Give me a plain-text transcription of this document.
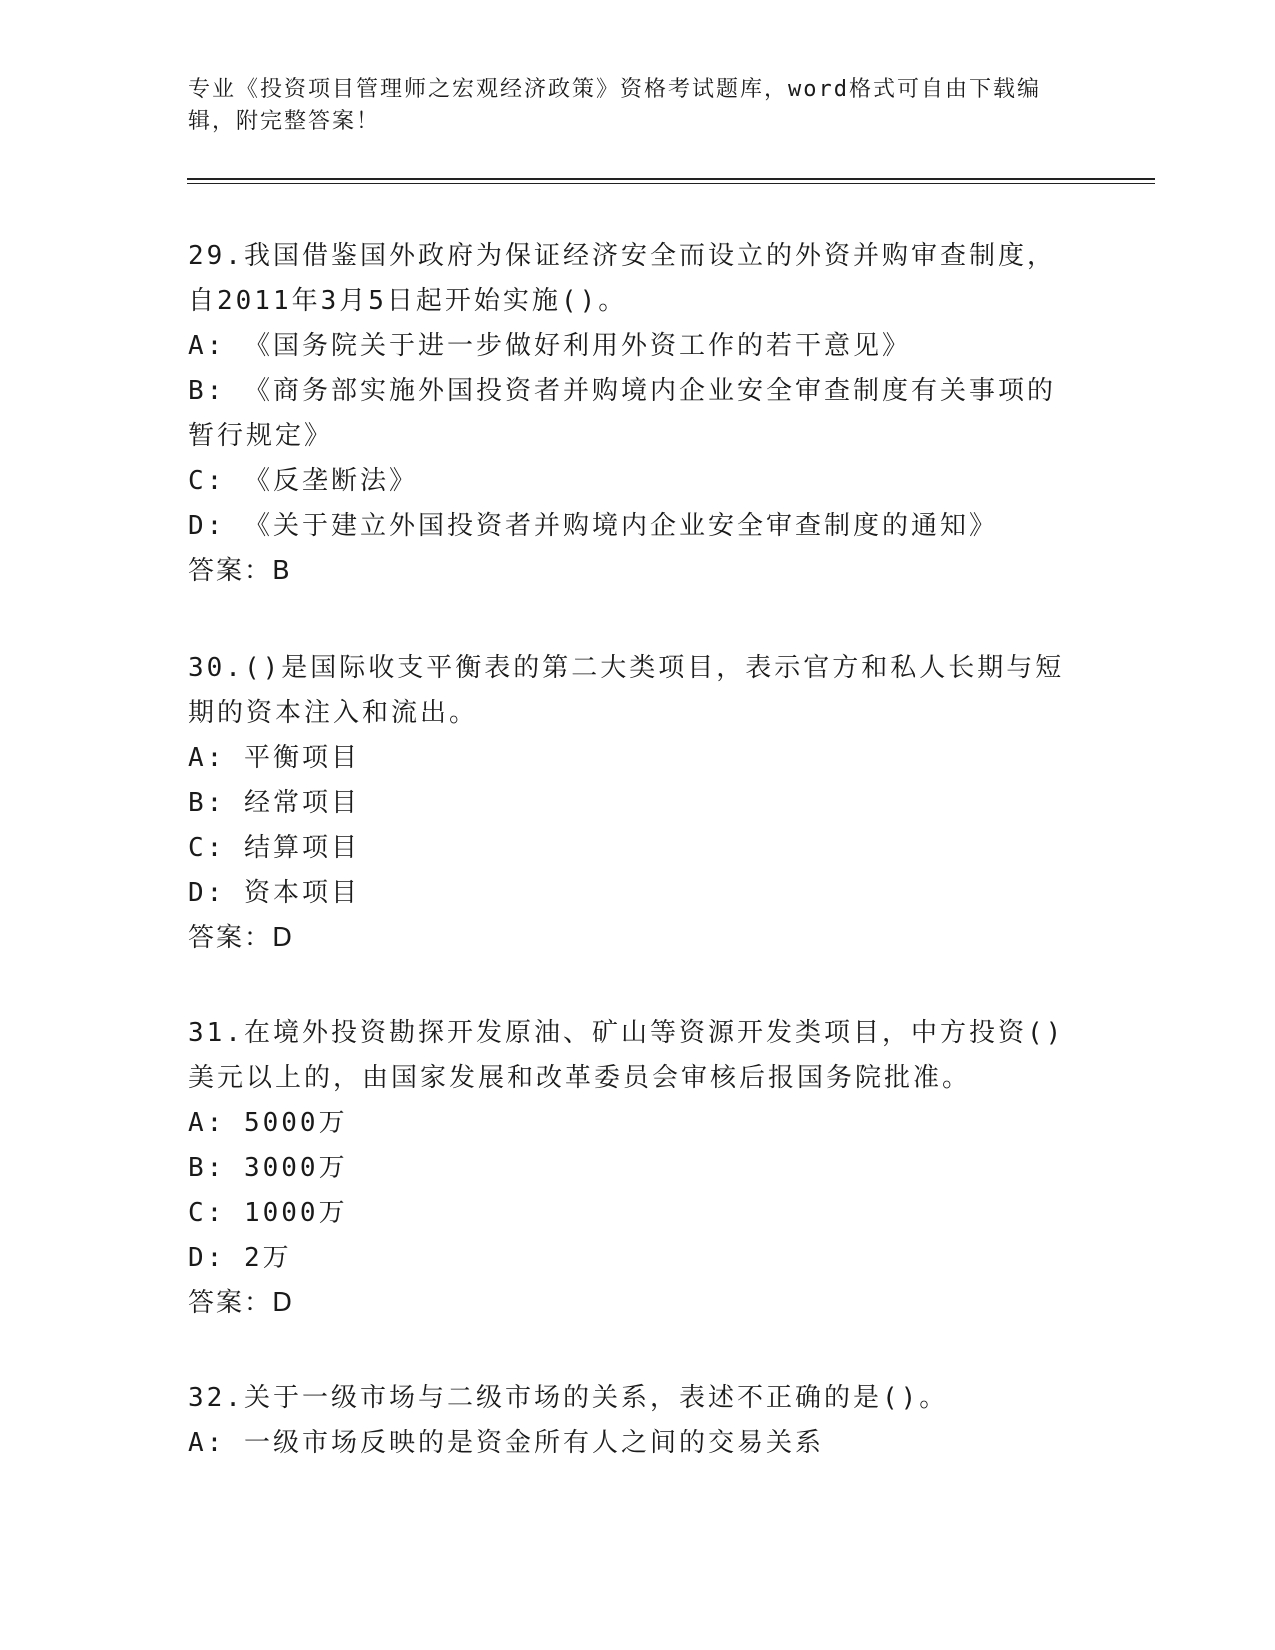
专业《投资项目管理师之宏观经济政策》资格考试题库，word格式可自由下载编辑，附完整答案！

29.我国借鉴国外政府为保证经济安全而设立的外资并购审查制度，自2011年3月5日起开始实施()。

A: 《国务院关于进一步做好利用外资工作的若干意见》

B: 《商务部实施外国投资者并购境内企业安全审查制度有关事项的暂行规定》

C: 《反垄断法》

D: 《关于建立外国投资者并购境内企业安全审查制度的通知》

答案：B

30.()是国际收支平衡表的第二大类项目，表示官方和私人长期与短期的资本注入和流出。

A: 平衡项目

B: 经常项目

C: 结算项目

D: 资本项目

答案：D

31.在境外投资勘探开发原油、矿山等资源开发类项目，中方投资()美元以上的，由国家发展和改革委员会审核后报国务院批准。

A: 5000万

B: 3000万

C: 1000万

D: 2万

答案：D

32.关于一级市场与二级市场的关系，表述不正确的是()。

A: 一级市场反映的是资金所有人之间的交易关系
